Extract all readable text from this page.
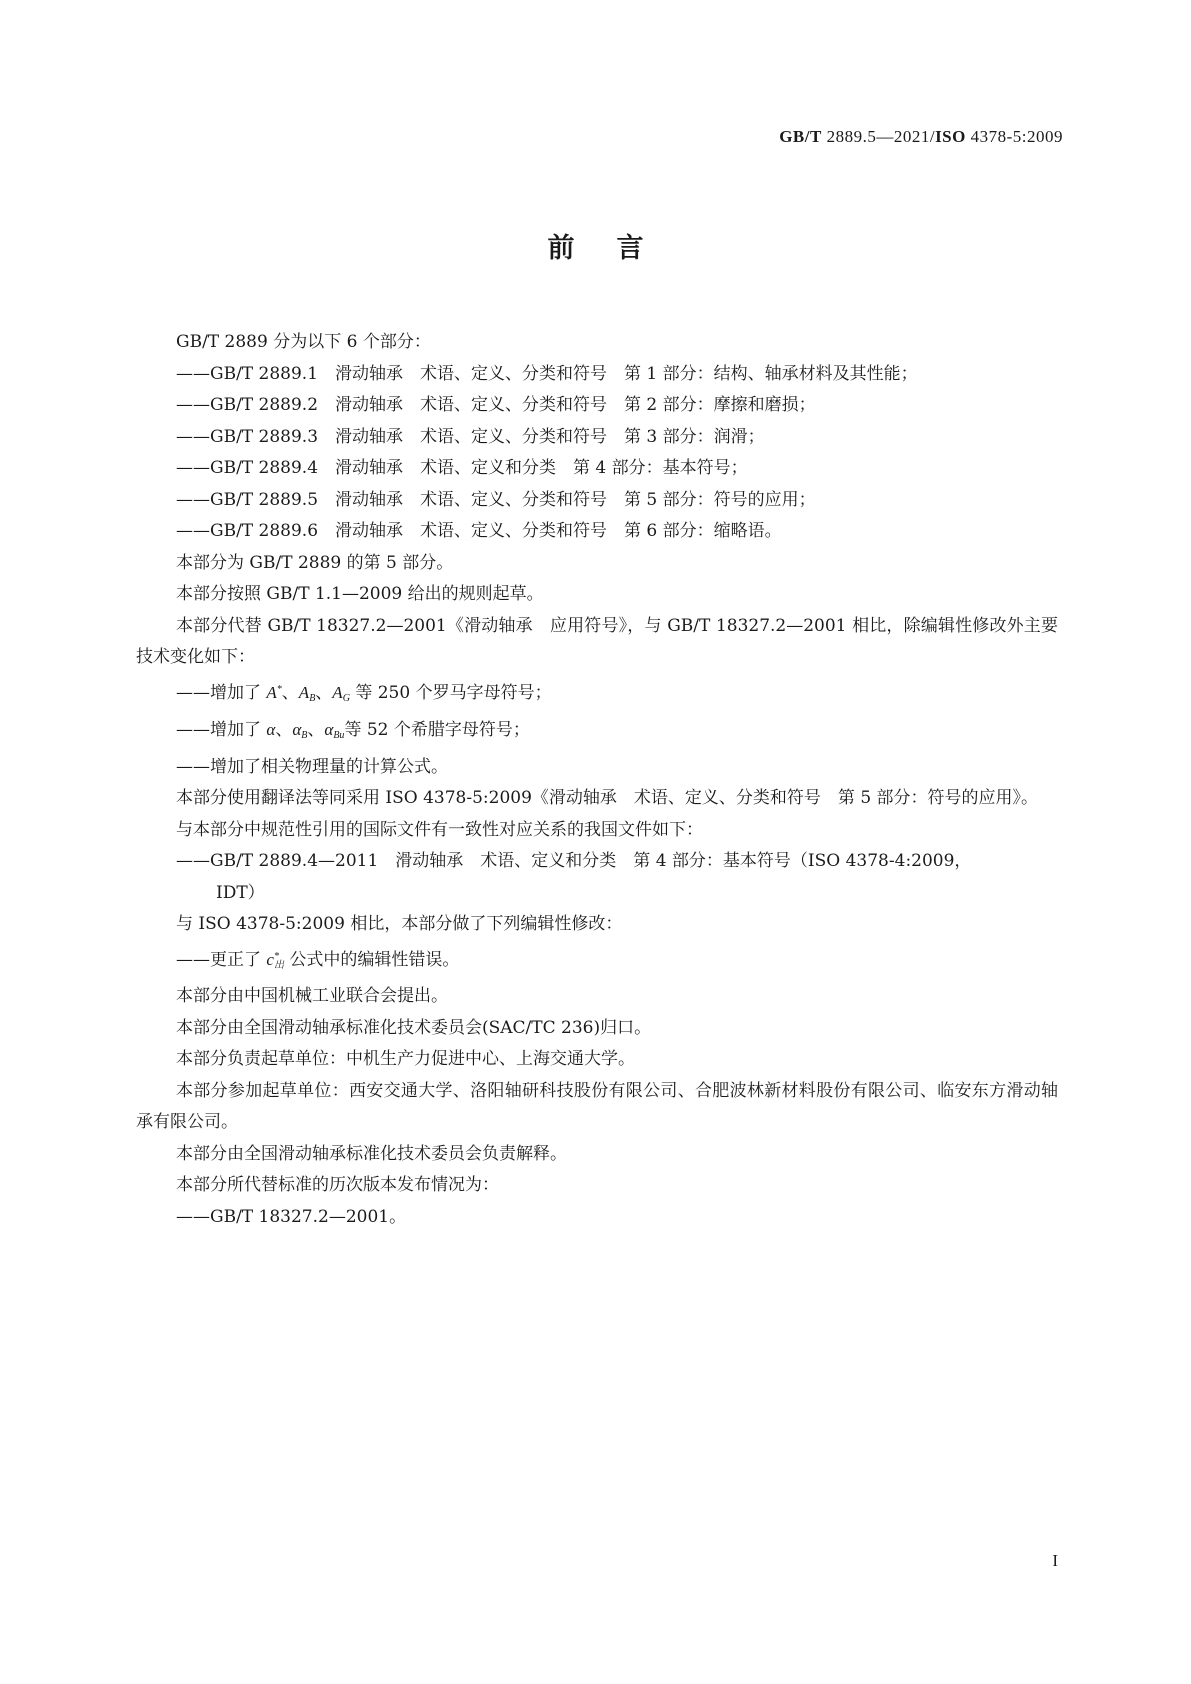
GB/T 2889.5—2021/ISO 4378-5:2009
前言
GB/T 2889 分为以下 6 个部分：
——GB/T 2889.1 滑动轴承 术语、定义、分类和符号 第 1 部分：结构、轴承材料及其性能；
——GB/T 2889.2 滑动轴承 术语、定义、分类和符号 第 2 部分：摩擦和磨损；
——GB/T 2889.3 滑动轴承 术语、定义、分类和符号 第 3 部分：润滑；
——GB/T 2889.4 滑动轴承 术语、定义和分类 第 4 部分：基本符号；
——GB/T 2889.5 滑动轴承 术语、定义、分类和符号 第 5 部分：符号的应用；
——GB/T 2889.6 滑动轴承 术语、定义、分类和符号 第 6 部分：缩略语。
本部分为 GB/T 2889 的第 5 部分。
本部分按照 GB/T 1.1—2009 给出的规则起草。
本部分代替 GB/T 18327.2—2001《滑动轴承　应用符号》，与 GB/T 18327.2—2001 相比，除编辑性修改外主要技术变化如下：
——增加了 A*、$A_B$、$A_G$ 等 250 个罗马字母符号；
——增加了 α、$\alpha_B$、$\alpha_{Bu}$等 52 个希腊字母符号；
——增加了相关物理量的计算公式。
本部分使用翻译法等同采用 ISO 4378-5:2009《滑动轴承　术语、定义、分类和符号　第 5 部分：符号的应用》。
与本部分中规范性引用的国际文件有一致性对应关系的我国文件如下：
——GB/T 2889.4—2011　滑动轴承　术语、定义和分类　第 4 部分：基本符号（ISO 4378-4:2009，
IDT）
与 ISO 4378-5:2009 相比，本部分做了下列编辑性修改：
——更正了 $c^*_出$ 公式中的编辑性错误。
本部分由中国机械工业联合会提出。
本部分由全国滑动轴承标准化技术委员会(SAC/TC 236)归口。
本部分负责起草单位：中机生产力促进中心、上海交通大学。
本部分参加起草单位：西安交通大学、洛阳轴研科技股份有限公司、合肥波林新材料股份有限公司、临安东方滑动轴承有限公司。
本部分由全国滑动轴承标准化技术委员会负责解释。
本部分所代替标准的历次版本发布情况为：
——GB/T 18327.2—2001。
I
